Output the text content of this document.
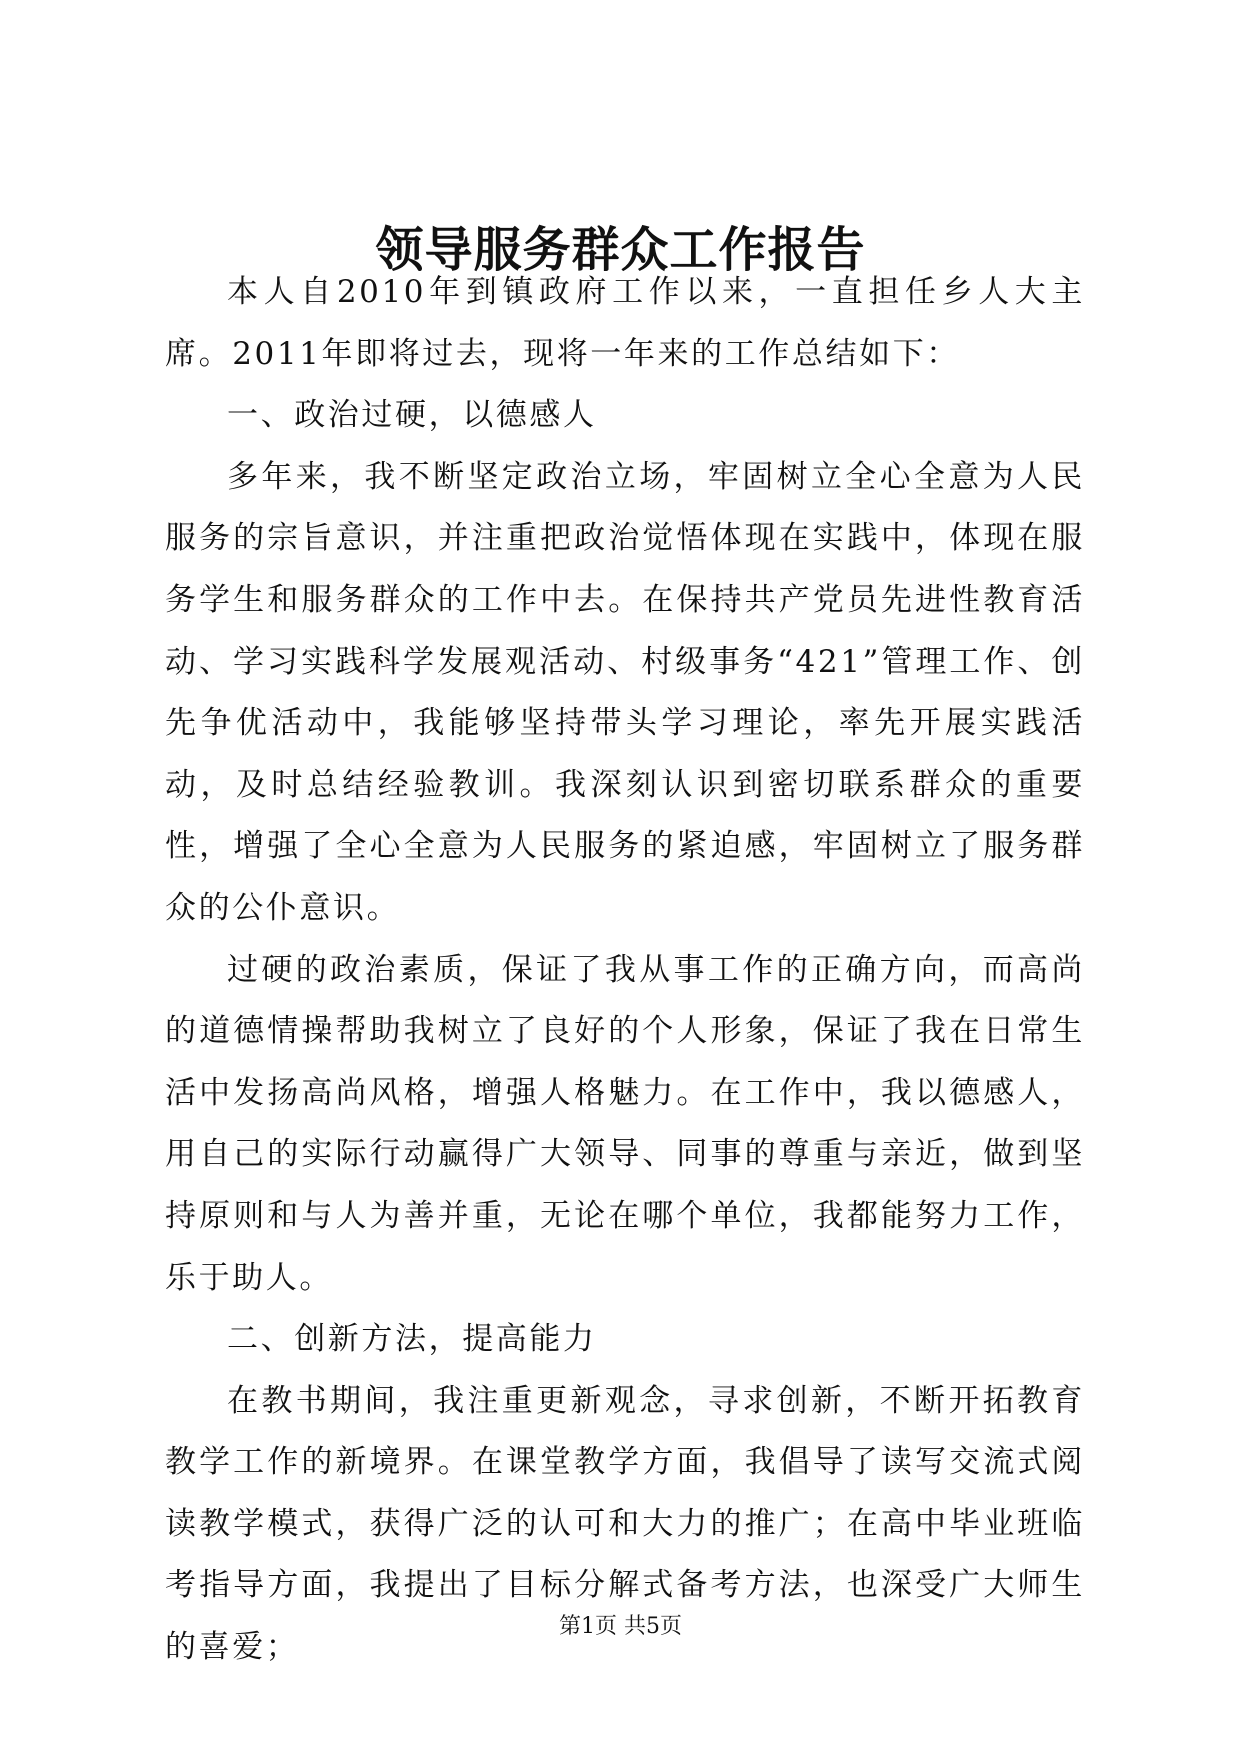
领导服务群众工作报告

本人自2010年到镇政府工作以来，一直担任乡人大主席。2011年即将过去，现将一年来的工作总结如下：

一、政治过硬，以德感人

多年来，我不断坚定政治立场，牢固树立全心全意为人民服务的宗旨意识，并注重把政治觉悟体现在实践中，体现在服务学生和服务群众的工作中去。在保持共产党员先进性教育活动、学习实践科学发展观活动、村级事务“421”管理工作、创先争优活动中，我能够坚持带头学习理论，率先开展实践活动，及时总结经验教训。我深刻认识到密切联系群众的重要性，增强了全心全意为人民服务的紧迫感，牢固树立了服务群众的公仆意识。

过硬的政治素质，保证了我从事工作的正确方向，而高尚的道德情操帮助我树立了良好的个人形象，保证了我在日常生活中发扬高尚风格，增强人格魅力。在工作中，我以德感人，用自己的实际行动赢得广大领导、同事的尊重与亲近，做到坚持原则和与人为善并重，无论在哪个单位，我都能努力工作，乐于助人。

二、创新方法，提高能力

在教书期间，我注重更新观念，寻求创新，不断开拓教育教学工作的新境界。在课堂教学方面，我倡导了读写交流式阅读教学模式，获得广泛的认可和大力的推广；在高中毕业班临考指导方面，我提出了目标分解式备考方法，也深受广大师生的喜爱；

第1页 共5页
